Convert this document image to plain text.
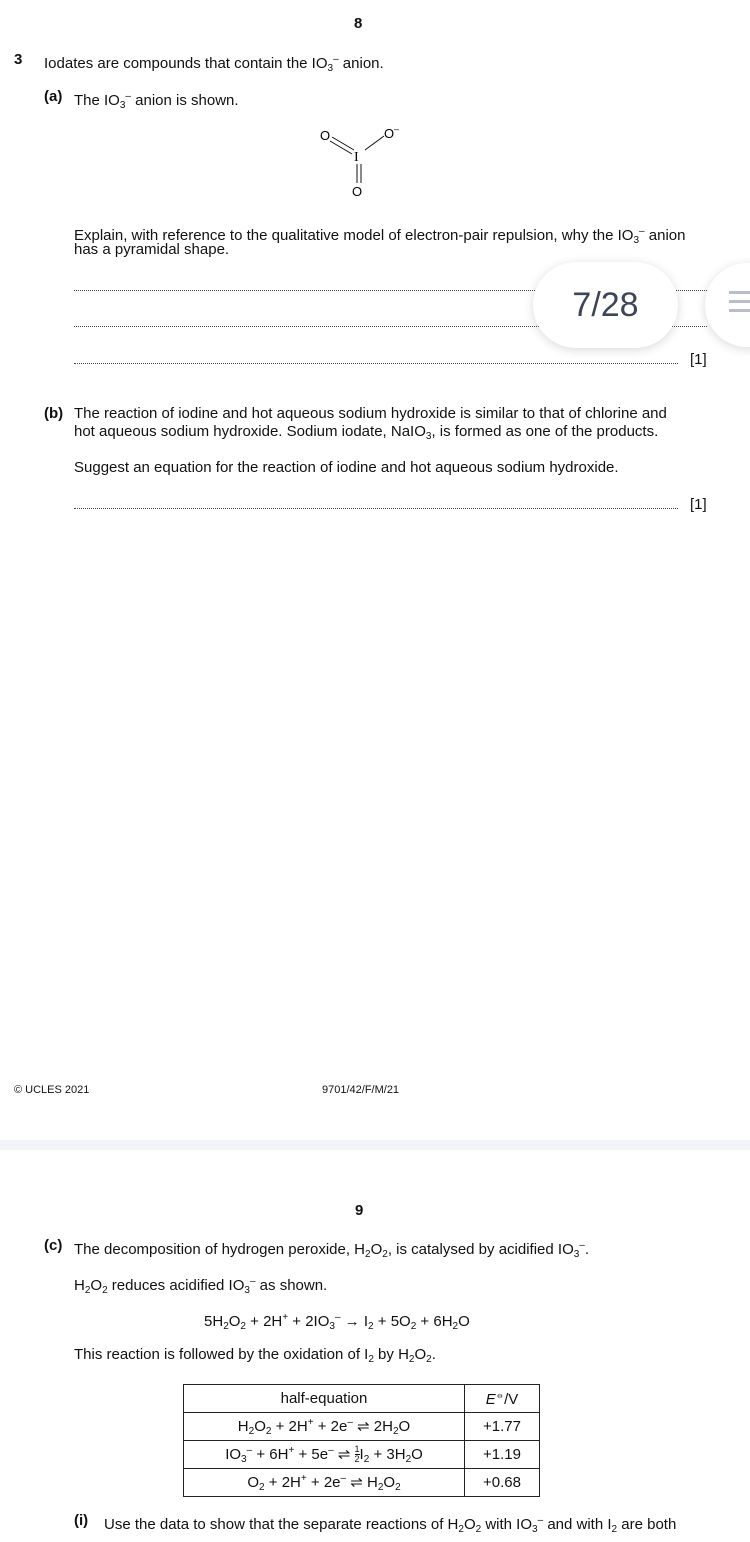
8
3 Iodates are compounds that contain the $IO_3^-$ anion.
(a) The $IO_3^-$ anion is shown.
O	O –
I
O
Explain, with reference to the qualitative model of electron-pair repulsion, why the $IO_3^-$ anion
has a pyramidal shape.
[1]
(b) The reaction of iodine and hot aqueous sodium hydroxide is similar to that of chlorine and
hot aqueous sodium hydroxide. Sodium iodate, NaIO$_3$, is formed as one of the products.
Suggest an equation for the reaction of iodine and hot aqueous sodium hydroxide.
[1]
© UCLES 2021	9701/42/F/M/21
7/28
9
(c) The decomposition of hydrogen peroxide, $H_2O_2$, is catalysed by acidified $IO_3^-$.
$H_2O_2$ reduces acidified $IO_3^-$ as shown.
$5H_2O_2 + 2H^+ + 2IO_3^- \to I_2 + 5O_2 + 6H_2O$
This reaction is followed by the oxidation of $I_2$ by $H_2O_2$.
half-equation	E⦵/V
$H_2O_2 + 2H^+ + 2e^-$ ⇌ $2H_2O$	+1.77
$IO_3^- + 6H^+ + 5e^-$ ⇌ $\frac{1}{2} I_2 + 3H_2O$	+1.19
$O_2 + 2H^+ + 2e^-$ ⇌ $H_2O_2$	+0.68
(i) Use the data to show that the separate reactions of $H_2O_2$ with $IO_3^-$ and with $I_2$ are both
